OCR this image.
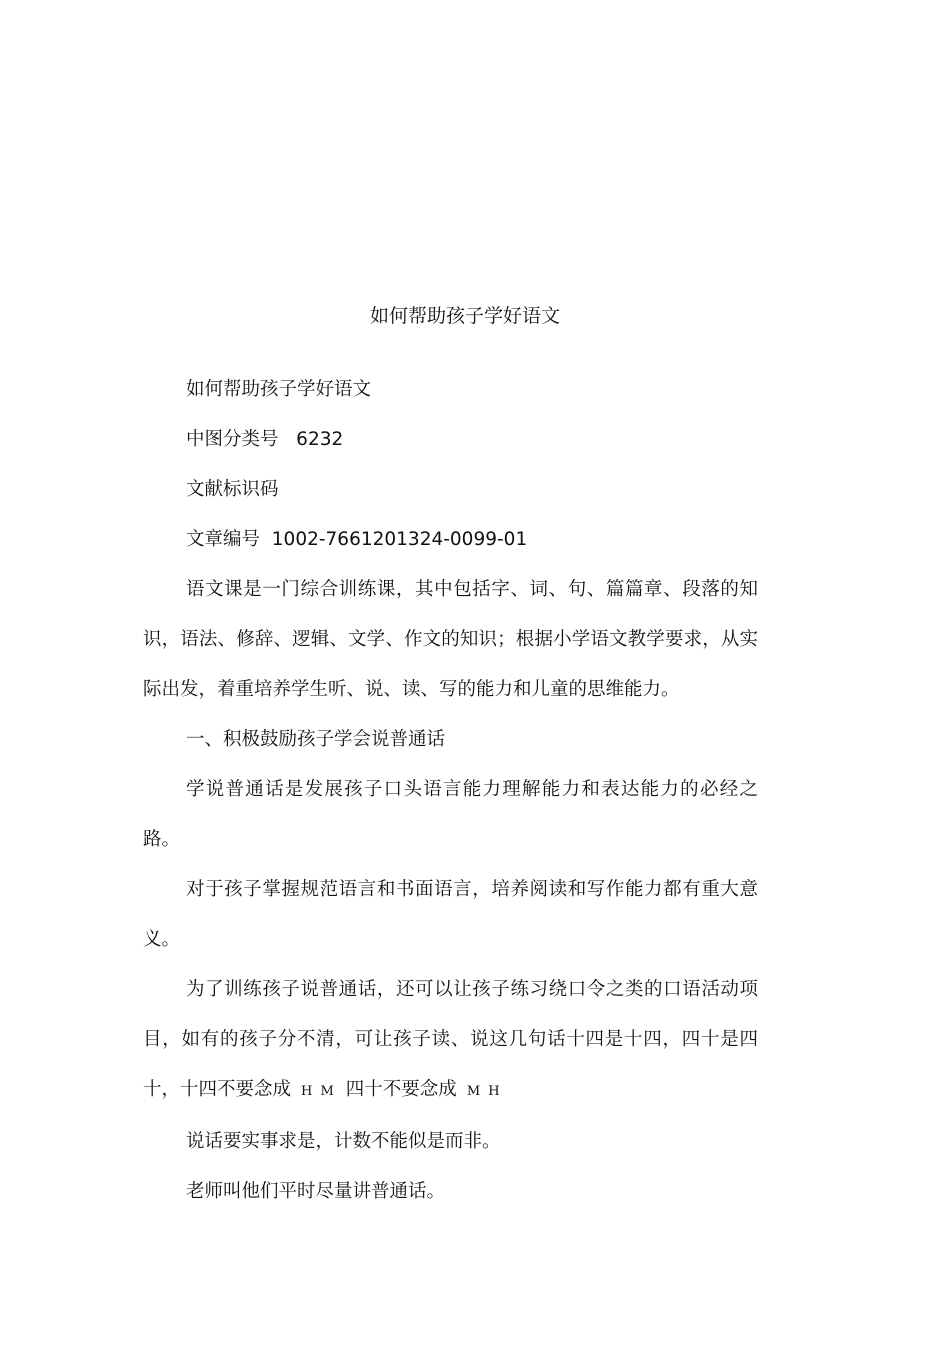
如何帮助孩子学好语文

如何帮助孩子学好语文

中图分类号 6232

文献标识码

文章编号 1002-7661201324-0099-01

语文课是一门综合训练课，其中包括字、词、句、篇篇章、段落的知识，语法、修辞、逻辑、文学、作文的知识；根据小学语文教学要求，从实际出发，着重培养学生听、说、读、写的能力和儿童的思维能力。

一、积极鼓励孩子学会说普通话

学说普通话是发展孩子口头语言能力理解能力和表达能力的必经之路。

对于孩子掌握规范语言和书面语言，培养阅读和写作能力都有重大意义。

为了训练孩子说普通话，还可以让孩子练习绕口令之类的口语活动项目，如有的孩子分不清，可让孩子读、说这几句话十四是十四，四十是四十，十四不要念成 H M 四十不要念成 M H

说话要实事求是，计数不能似是而非。

老师叫他们平时尽量讲普通话。
